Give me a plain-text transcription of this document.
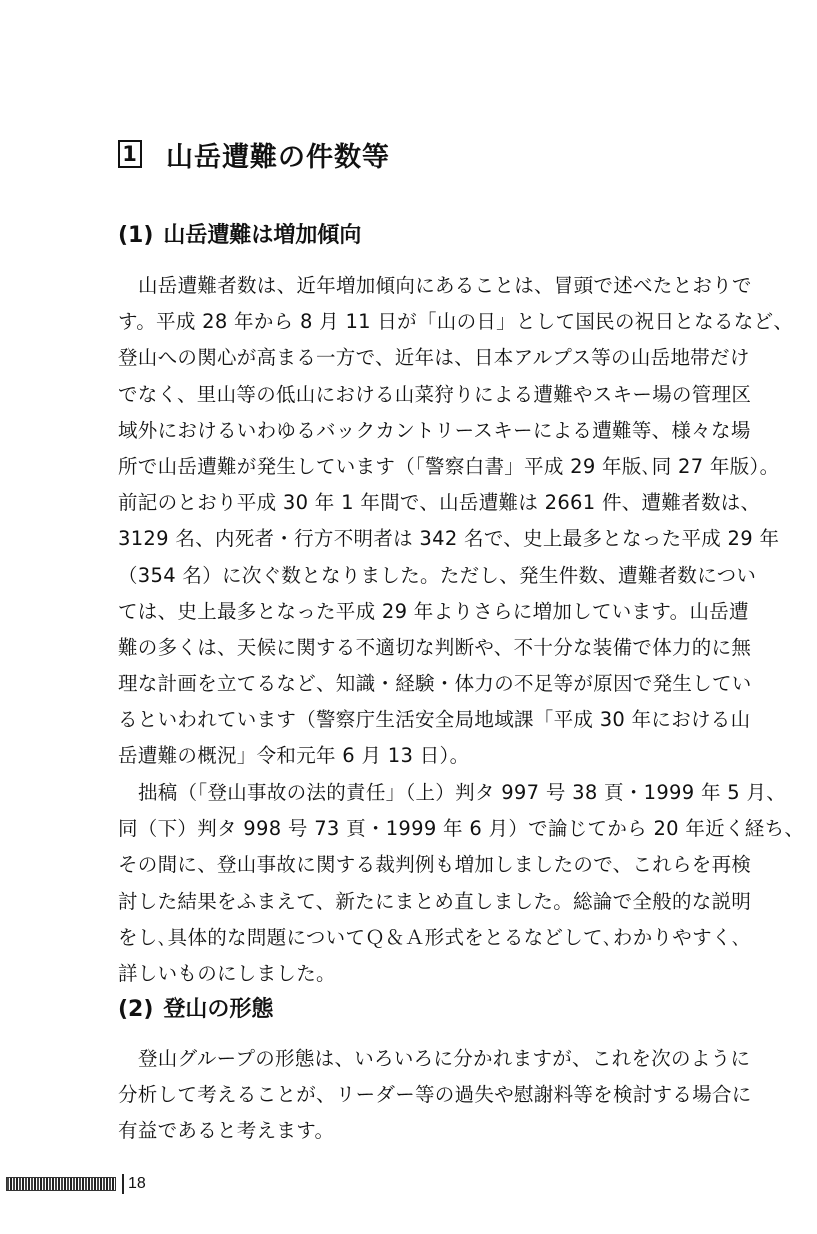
1 山岳遭難の件数等
(1) 山岳遭難は増加傾向
山岳遭難者数は、近年増加傾向にあることは、冒頭で述べたとおりで
す。平成 28 年から 8 月 11 日が「山の日」として国民の祝日となるなど、
登山への関心が高まる一方で、近年は、日本アルプス等の山岳地帯だけ
でなく、里山等の低山における山菜狩りによる遭難やスキー場の管理区
域外におけるいわゆるバックカントリースキーによる遭難等、様々な場
所で山岳遭難が発生しています（「警察白書」平成 29 年版､同 27 年版）。
前記のとおり平成 30 年 1 年間で、山岳遭難は 2661 件、遭難者数は、
3129 名、内死者・行方不明者は 342 名で、史上最多となった平成 29 年
（354 名）に次ぐ数となりました。ただし、発生件数、遭難者数につい
ては、史上最多となった平成 29 年よりさらに増加しています。山岳遭
難の多くは、天候に関する不適切な判断や、不十分な装備で体力的に無
理な計画を立てるなど、知識・経験・体力の不足等が原因で発生してい
るといわれています（警察庁生活安全局地域課「平成 30 年における山
岳遭難の概況」令和元年 6 月 13 日）。
拙稿（「登山事故の法的責任」（上）判タ 997 号 38 頁・1999 年 5 月、
同（下）判タ 998 号 73 頁・1999 年 6 月）で論じてから 20 年近く経ち、
その間に、登山事故に関する裁判例も増加しましたので、これらを再検
討した結果をふまえて、新たにまとめ直しました。総論で全般的な説明
をし､具体的な問題についてＱ＆Ａ形式をとるなどして､わかりやすく､
詳しいものにしました。
(2) 登山の形態
登山グループの形態は、いろいろに分かれますが、これを次のように
分析して考えることが、リーダー等の過失や慰謝料等を検討する場合に
有益であると考えます。
18
